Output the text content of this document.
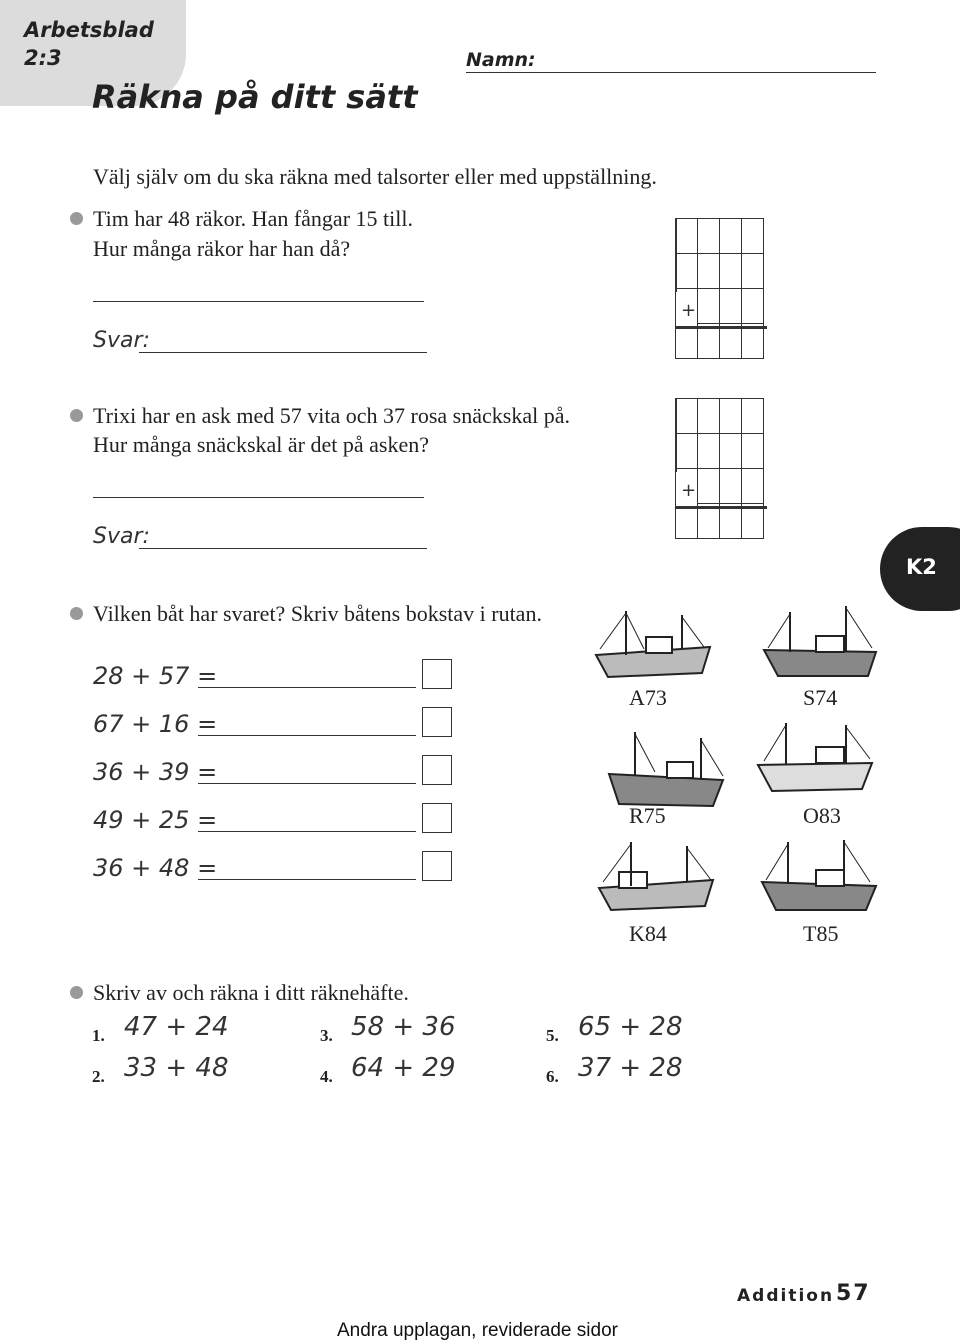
Arbetsblad
2:3
Räkna på ditt sätt
Namn:
Välj själv om du ska räkna med talsorter eller med uppställning.
Tim har 48 räkor. Han fångar 15 till.
Hur många räkor har han då?
Svar:

+
Trixi har en ask med 57 vita och 37 rosa snäckskal på.
Hur många snäckskal är det på asken?
Svar:

+
K2
Vilken båt har svaret? Skriv båtens bokstav i rutan.
28 + 57 =
67 + 16 =
36 + 39 =
49 + 25 =
36 + 48 =
A73	S74
R75	O83
K84	T85
Skriv av och räkna i ditt räknehäfte.
1. 47 + 24
2. 33 + 48
3. 58 + 36
4. 64 + 29
5. 65 + 28
6. 37 + 28
Addition 57
Andra upplagan, reviderade sidor
